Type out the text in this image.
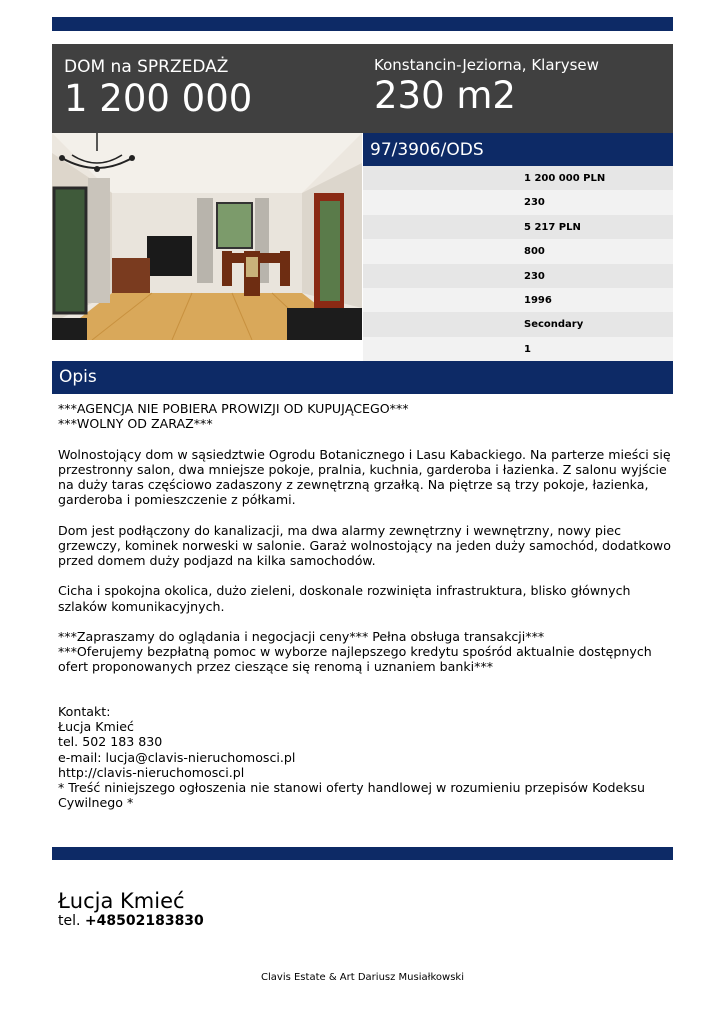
DOM na SPRZEDAŻ
1 200 000
Konstancin-Jeziorna, Klarysew
230 m2
97/3906/ODS
1 200 000 PLN
230
5 217 PLN
800
230
1996
Secondary
1
Opis

***AGENCJA NIE POBIERA PROWIZJI OD KUPUJĄCEGO***
***WOLNY OD ZARAZ***

Wolnostojący dom w sąsiedztwie Ogrodu Botanicznego i Lasu Kabackiego. Na parterze mieści się przestronny salon, dwa mniejsze pokoje, pralnia, kuchnia, garderoba i łazienka. Z salonu wyjście na duży taras częściowo zadaszony z zewnętrzną grzałką. Na piętrze są trzy pokoje, łazienka, garderoba i pomieszczenie z półkami.

Dom jest podłączony do kanalizacji, ma dwa alarmy zewnętrzny i wewnętrzny, nowy piec grzewczy, kominek norweski w salonie. Garaż wolnostojący na jeden duży samochód, dodatkowo przed domem duży podjazd na kilka samochodów.

Cicha i spokojna okolica, dużo zieleni, doskonale rozwinięta infrastruktura, blisko głównych szlaków komunikacyjnych.

***Zapraszamy do oglądania i negocjacji ceny*** Pełna obsługa transakcji***
***Oferujemy bezpłatną pomoc w wyborze najlepszego kredytu spośród aktualnie dostępnych ofert proponowanych przez cieszące się renomą i uznaniem banki***

Kontakt:
Łucja Kmieć
tel. 502 183 830
e-mail: lucja@clavis-nieruchomosci.pl
http://clavis-nieruchomosci.pl
* Treść niniejszego ogłoszenia nie stanowi oferty handlowej w rozumieniu przepisów Kodeksu Cywilnego *
Łucja Kmieć
tel. +48502183830
Clavis Estate & Art Dariusz Musiałkowski
